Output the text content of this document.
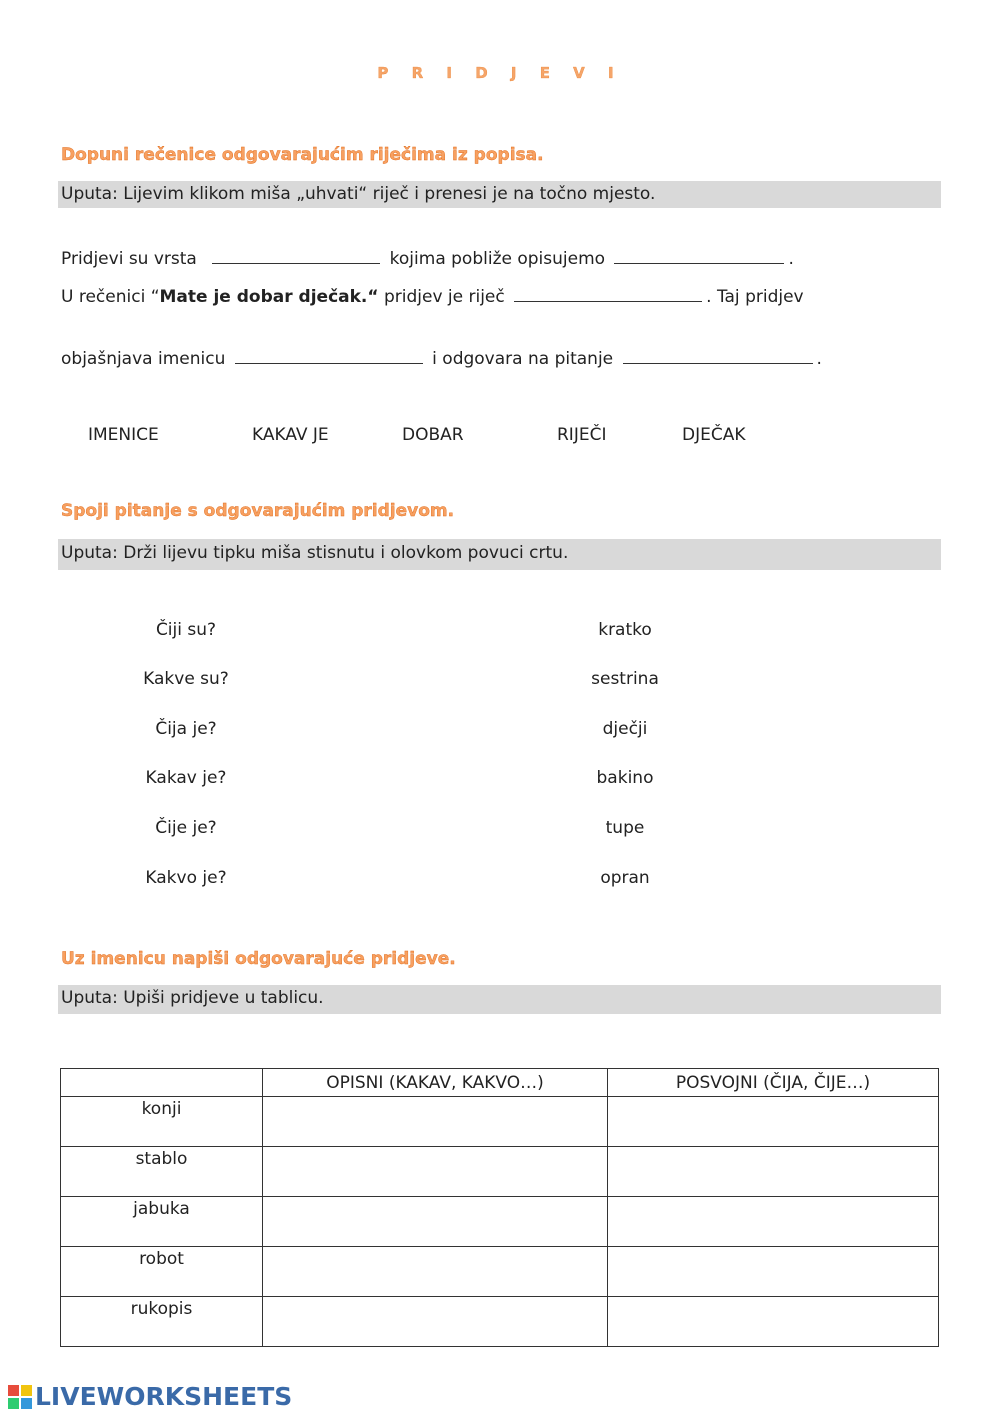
P R I D J E V I
Dopuni rečenice odgovarajućim riječima iz popisa.
Uputa: Lijevim klikom miša „uhvati“ riječ i prenesi je na točno mjesto.
Pridjevi su vrsta	kojima pobliže opisujemo	.
U rečenici “Mate je dobar dječak.“ pridjev je riječ	. Taj pridjev
objašnjava imenicu	i odgovara na pitanje	.
IMENICE	KAKAV JE	DOBAR	RIJEČI	DJEČAK
Spoji pitanje s odgovarajućim pridjevom.
Uputa: Drži lijevu tipku miša stisnutu i olovkom povuci crtu.
Čiji su?
Kakve su?
Čija je?
Kakav je?
Čije je?
Kakvo je?
kratko
sestrina
dječji
bakino
tupe
opran
Uz imenicu napiši odgovarajuće pridjeve.
Uputa: Upiši pridjeve u tablicu.
	OPISNI (KAKAV, KAKVO…)	POSVOJNI (ČIJA, ČIJE…)
konji		
stablo		
jabuka		
robot		
rukopis		
LIVEWORKSHEETS
